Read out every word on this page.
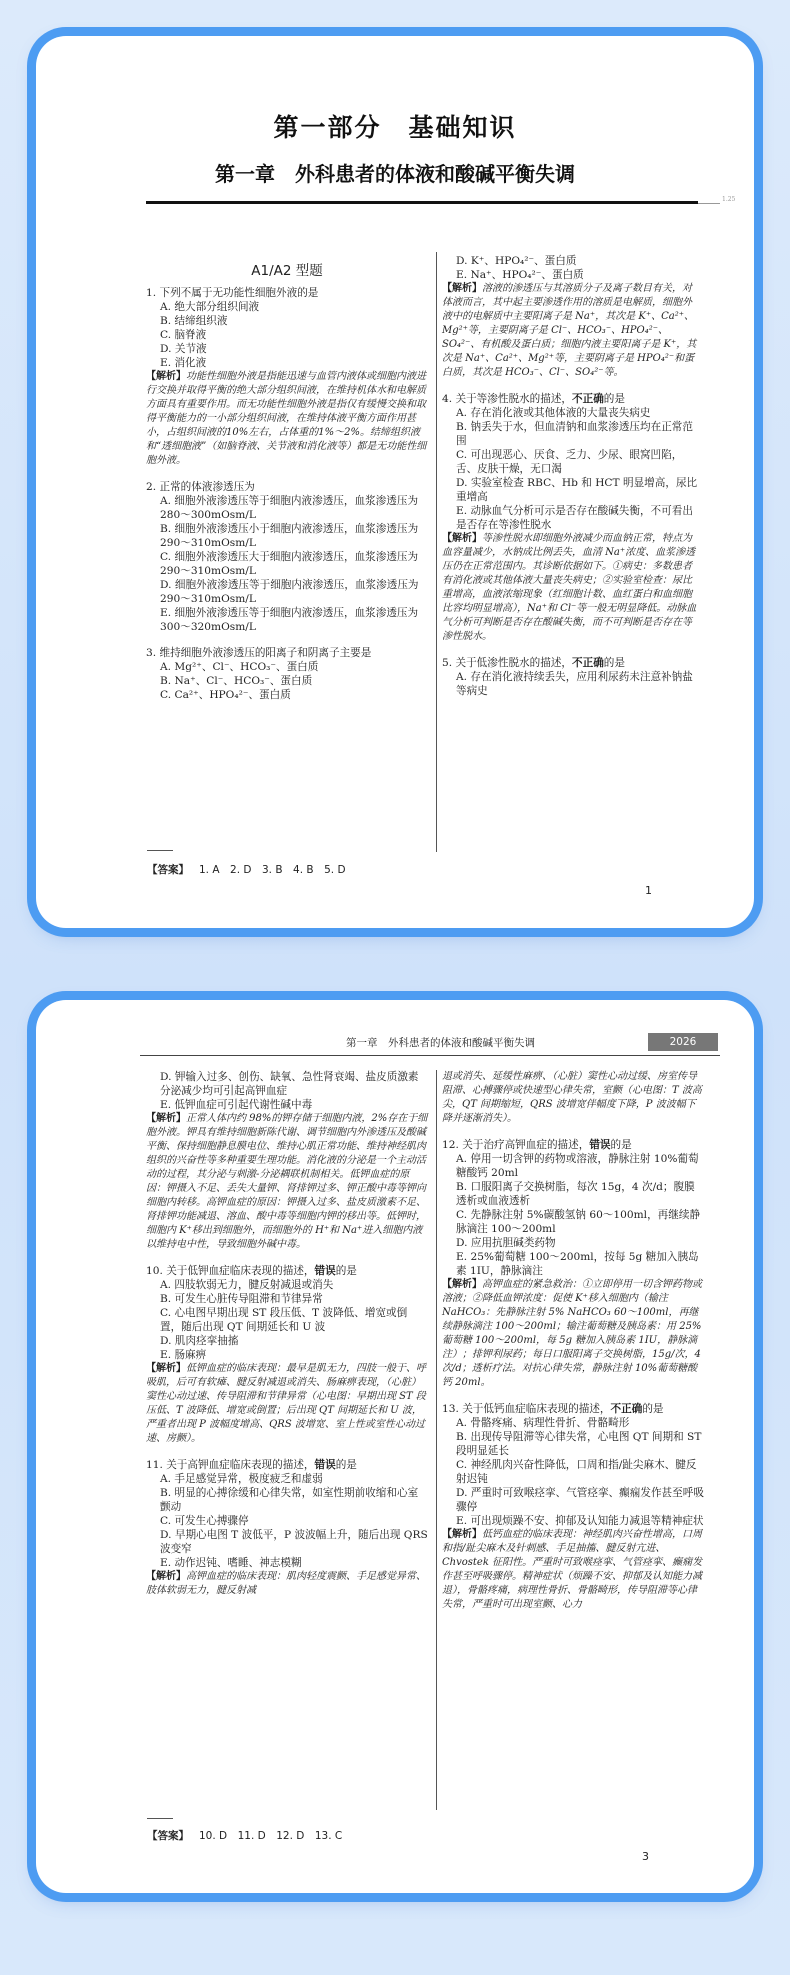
第一部分　基础知识
第一章　外科患者的体液和酸碱平衡失调
1.25
A1/A2 型题

1. 下列不属于无功能性细胞外液的是

A. 绝大部分组织间液

B. 结缔组织液

C. 脑脊液

D. 关节液

E. 消化液

【解析】功能性细胞外液是指能迅速与血管内液体或细胞内液进行交换并取得平衡的绝大部分组织间液，在维持机体水和电解质方面具有重要作用。而无功能性细胞外液是指仅有缓慢交换和取得平衡能力的一小部分组织间液，在维持体液平衡方面作用甚小，占组织间液的10%左右，占体重的1%～2%。结缔组织液和“透细胞液”（如脑脊液、关节液和消化液等）都是无功能性细胞外液。

2. 正常的体液渗透压为

A. 细胞外液渗透压等于细胞内液渗透压，血浆渗透压为 280～300mOsm/L

B. 细胞外液渗透压小于细胞内液渗透压，血浆渗透压为 290～310mOsm/L

C. 细胞外液渗透压大于细胞内液渗透压，血浆渗透压为 290～310mOsm/L

D. 细胞外液渗透压等于细胞内液渗透压，血浆渗透压为 290～310mOsm/L

E. 细胞外液渗透压等于细胞内液渗透压，血浆渗透压为 300～320mOsm/L

3. 维持细胞外液渗透压的阳离子和阴离子主要是

A. Mg²⁺、Cl⁻、HCO₃⁻、蛋白质

B. Na⁺、Cl⁻、HCO₃⁻、蛋白质

C. Ca²⁺、HPO₄²⁻、蛋白质

D. K⁺、HPO₄²⁻、蛋白质

E. Na⁺、HPO₄²⁻、蛋白质

【解析】溶液的渗透压与其溶质分子及离子数目有关，对体液而言，其中起主要渗透作用的溶质是电解质，细胞外液中的电解质中主要阳离子是 Na⁺，其次是 K⁺、Ca²⁺、Mg²⁺等，主要阴离子是 Cl⁻、HCO₃⁻、HPO₄²⁻、SO₄²⁻、有机酸及蛋白质；细胞内液主要阳离子是 K⁺，其次是 Na⁺、Ca²⁺、Mg²⁺等，主要阴离子是 HPO₄²⁻和蛋白质，其次是 HCO₃⁻、Cl⁻、SO₄²⁻等。

4. 关于等渗性脱水的描述，不正确的是

A. 存在消化液或其他体液的大量丧失病史

B. 钠丢失于水，但血清钠和血浆渗透压均在正常范围

C. 可出现恶心、厌食、乏力、少尿、眼窝凹陷，舌、皮肤干燥，无口渴

D. 实验室检查 RBC、Hb 和 HCT 明显增高，尿比重增高

E. 动脉血气分析可示是否存在酸碱失衡，不可看出是否存在等渗性脱水

【解析】等渗性脱水即细胞外液减少而血钠正常，特点为血容量减少，水钠成比例丢失，血清 Na⁺浓度、血浆渗透压仍在正常范围内。其诊断依据如下。①病史：多数患者有消化液或其他体液大量丧失病史；②实验室检查：尿比重增高，血液浓缩现象（红细胞计数、血红蛋白和血细胞比容均明显增高），Na⁺和 Cl⁻等一般无明显降低。动脉血气分析可判断是否存在酸碱失衡，而不可判断是否存在等渗性脱水。

5. 关于低渗性脱水的描述，不正确的是

A. 存在消化液持续丢失，应用利尿药未注意补钠盐等病史

【答案】 1. A　2. D　3. B　4. B　5. D
1
第一章　外科患者的体液和酸碱平衡失调	2026

D. 钾输入过多、创伤、缺氧、急性肾衰竭、盐皮质激素分泌减少均可引起高钾血症

E. 低钾血症可引起代谢性碱中毒

【解析】正常人体内约 98%的钾存储于细胞内液，2%存在于细胞外液。钾具有维持细胞新陈代谢、调节细胞内外渗透压及酸碱平衡、保持细胞静息膜电位、维持心肌正常功能、维持神经肌肉组织的兴奋性等多种重要生理功能。消化液的分泌是一个主动活动的过程，其分泌与刺激-分泌耦联机制相关。低钾血症的原因：钾摄入不足、丢失大量钾、肾排钾过多、钾正酸中毒等钾向细胞内转移。高钾血症的原因：钾摄入过多、盐皮质激素不足、肾排钾功能减退、溶血、酸中毒等细胞内钾的移出等。低钾时，细胞内 K⁺移出到细胞外，而细胞外的 H⁺和 Na⁺进入细胞内液以维持电中性，导致细胞外碱中毒。

10. 关于低钾血症临床表现的描述，错误的是

A. 四肢软弱无力，腱反射减退或消失

B. 可发生心脏传导阻滞和节律异常

C. 心电图早期出现 ST 段压低、T 波降低、增宽或倒置，随后出现 QT 间期延长和 U 波

D. 肌肉痉挛抽搐

E. 肠麻痹

【解析】低钾血症的临床表现：最早是肌无力，四肢一般于、呼吸肌，后可有软瘫、腱反射减退或消失、肠麻痹表现，（心脏）窦性心动过速、传导阻滞和节律异常（心电图：早期出现 ST 段压低、T 波降低、增宽或倒置；后出现 QT 间期延长和 U 波，严重者出现 P 波幅度增高、QRS 波增宽、室上性或室性心动过速、房颤）。

11. 关于高钾血症临床表现的描述，错误的是

A. 手足感觉异常，极度疲乏和虚弱

B. 明显的心搏徐缓和心律失常，如室性期前收缩和心室颤动

C. 可发生心搏骤停

D. 早期心电图 T 波低平，P 波波幅上升，随后出现 QRS 波变窄

E. 动作迟钝、嗜睡、神志模糊

【解析】高钾血症的临床表现：肌肉轻度震颤、手足感觉异常、肢体软弱无力，腱反射减

退或消失、延缓性麻痹、（心脏）窦性心动过缓、房室传导阻滞、心搏骤停或快速型心律失常，室颤（心电图：T 波高尖，QT 间期缩短，QRS 波增宽伴幅度下降，P 波波幅下降并逐渐消失）。

12. 关于治疗高钾血症的描述，错误的是

A. 停用一切含钾的药物或溶液，静脉注射 10%葡萄糖酸钙 20ml

B. 口服阳离子交换树脂，每次 15g，4 次/d；腹膜透析或血液透析

C. 先静脉注射 5%碳酸氢钠 60～100ml，再继续静脉滴注 100～200ml

D. 应用抗胆碱类药物

E. 25%葡萄糖 100～200ml，按每 5g 糖加入胰岛素 1IU，静脉滴注

【解析】高钾血症的紧急救治：①立即停用一切含钾药物或溶液；②降低血钾浓度：促使 K⁺移入细胞内（输注 NaHCO₃：先静脉注射 5% NaHCO₃ 60～100ml，再继续静脉滴注 100～200ml；输注葡萄糖及胰岛素：用 25%葡萄糖 100～200ml，每 5g 糖加入胰岛素 1IU，静脉滴注）；排钾利尿药；每日口服阳离子交换树脂，15g/次，4 次/d；透析疗法。对抗心律失常，静脉注射 10%葡萄糖酸钙 20ml。

13. 关于低钙血症临床表现的描述，不正确的是

A. 骨骼疼痛、病理性骨折、骨骼畸形

B. 出现传导阻滞等心律失常，心电图 QT 间期和 ST 段明显延长

C. 神经肌肉兴奋性降低，口周和指/趾尖麻木、腱反射迟钝

D. 严重时可致喉痉挛、气管痉挛、癫痫发作甚至呼吸骤停

E. 可出现烦躁不安、抑郁及认知能力减退等精神症状

【解析】低钙血症的临床表现：神经肌肉兴奋性增高，口周和指/趾尖麻木及针刺感、手足抽搐、腱反射亢进、Chvostek 征阳性。严重时可致喉痉挛、气管痉挛、癫痫发作甚至呼吸骤停。精神症状（烦躁不安、抑郁及认知能力减退），骨骼疼痛，病理性骨折、骨骼畸形，传导阻滞等心律失常，严重时可出现室颤、心力

【答案】 10. D　11. D　12. D　13. C
3
